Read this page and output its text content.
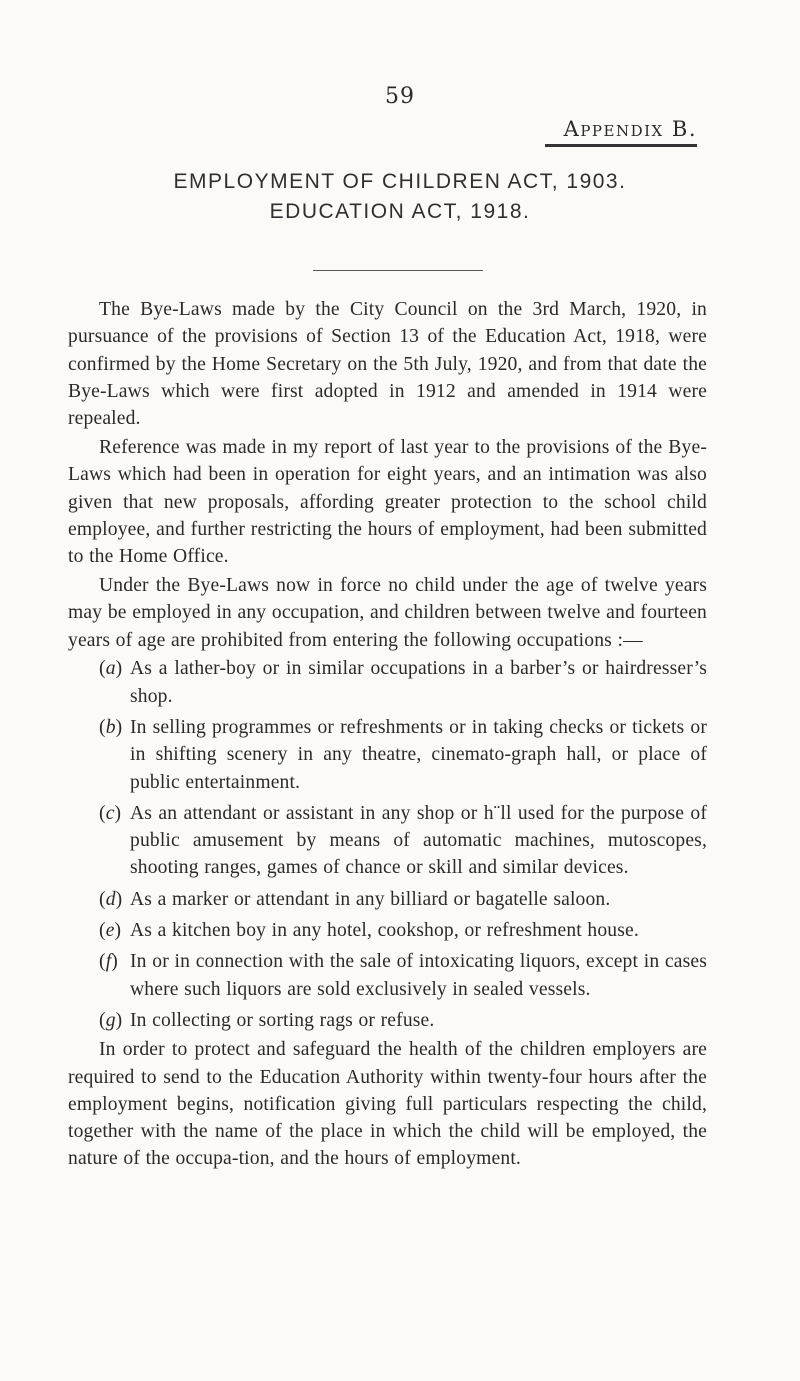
59
Appendix B.
EMPLOYMENT OF CHILDREN ACT, 1903.
EDUCATION ACT, 1918.

The Bye-Laws made by the City Council on the 3rd March, 1920, in pursuance of the provisions of Section 13 of the Education Act, 1918, were confirmed by the Home Secretary on the 5th July, 1920, and from that date the Bye-Laws which were first adopted in 1912 and amended in 1914 were repealed.

Reference was made in my report of last year to the provisions of the Bye-Laws which had been in operation for eight years, and an intimation was also given that new proposals, affording greater protection to the school child employee, and further restricting the hours of employment, had been submitted to the Home Office.

Under the Bye-Laws now in force no child under the age of twelve years may be employed in any occupation, and children between twelve and fourteen years of age are prohibited from entering the following occupations :—

(a) As a lather-boy or in similar occupations in a barber’s or hairdresser’s shop.
(b) In selling programmes or refreshments or in taking checks or tickets or in shifting scenery in any theatre, cinemato-graph hall, or place of public entertainment.
(c) As an attendant or assistant in any shop or h¨ll used for the purpose of public amusement by means of automatic machines, mutoscopes, shooting ranges, games of chance or skill and similar devices.
(d) As a marker or attendant in any billiard or bagatelle saloon.
(e) As a kitchen boy in any hotel, cookshop, or refreshment house.
(f) In or in connection with the sale of intoxicating liquors, except in cases where such liquors are sold exclusively in sealed vessels.
(g) In collecting or sorting rags or refuse.

In order to protect and safeguard the health of the children employers are required to send to the Education Authority within twenty-four hours after the employment begins, notification giving full particulars respecting the child, together with the name of the place in which the child will be employed, the nature of the occupa-tion, and the hours of employment.
